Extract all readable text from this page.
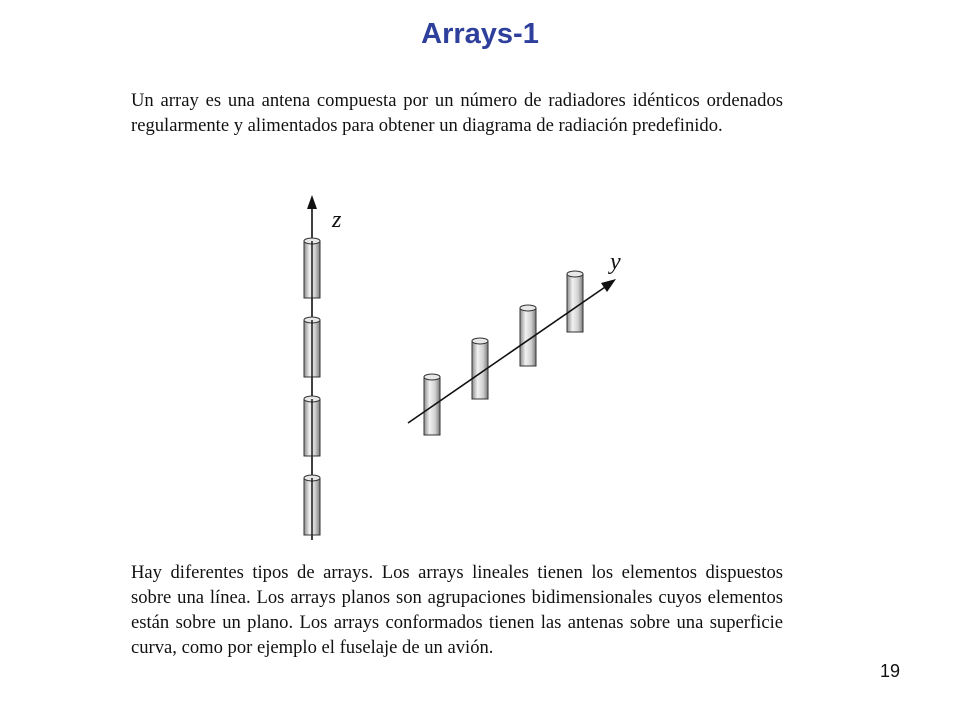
Arrays-1

Un array es una antena compuesta por un número de radiadores idénticos ordenados regularmente y alimentados para obtener un diagrama de radiación predefinido.

z
y

Hay diferentes tipos de arrays. Los arrays lineales tienen los elementos dispuestos sobre una línea. Los arrays planos son agrupaciones bidimensionales cuyos elementos están sobre un plano. Los arrays conformados tienen las antenas sobre una superficie curva, como por ejemplo el fuselaje de un avión.

19
